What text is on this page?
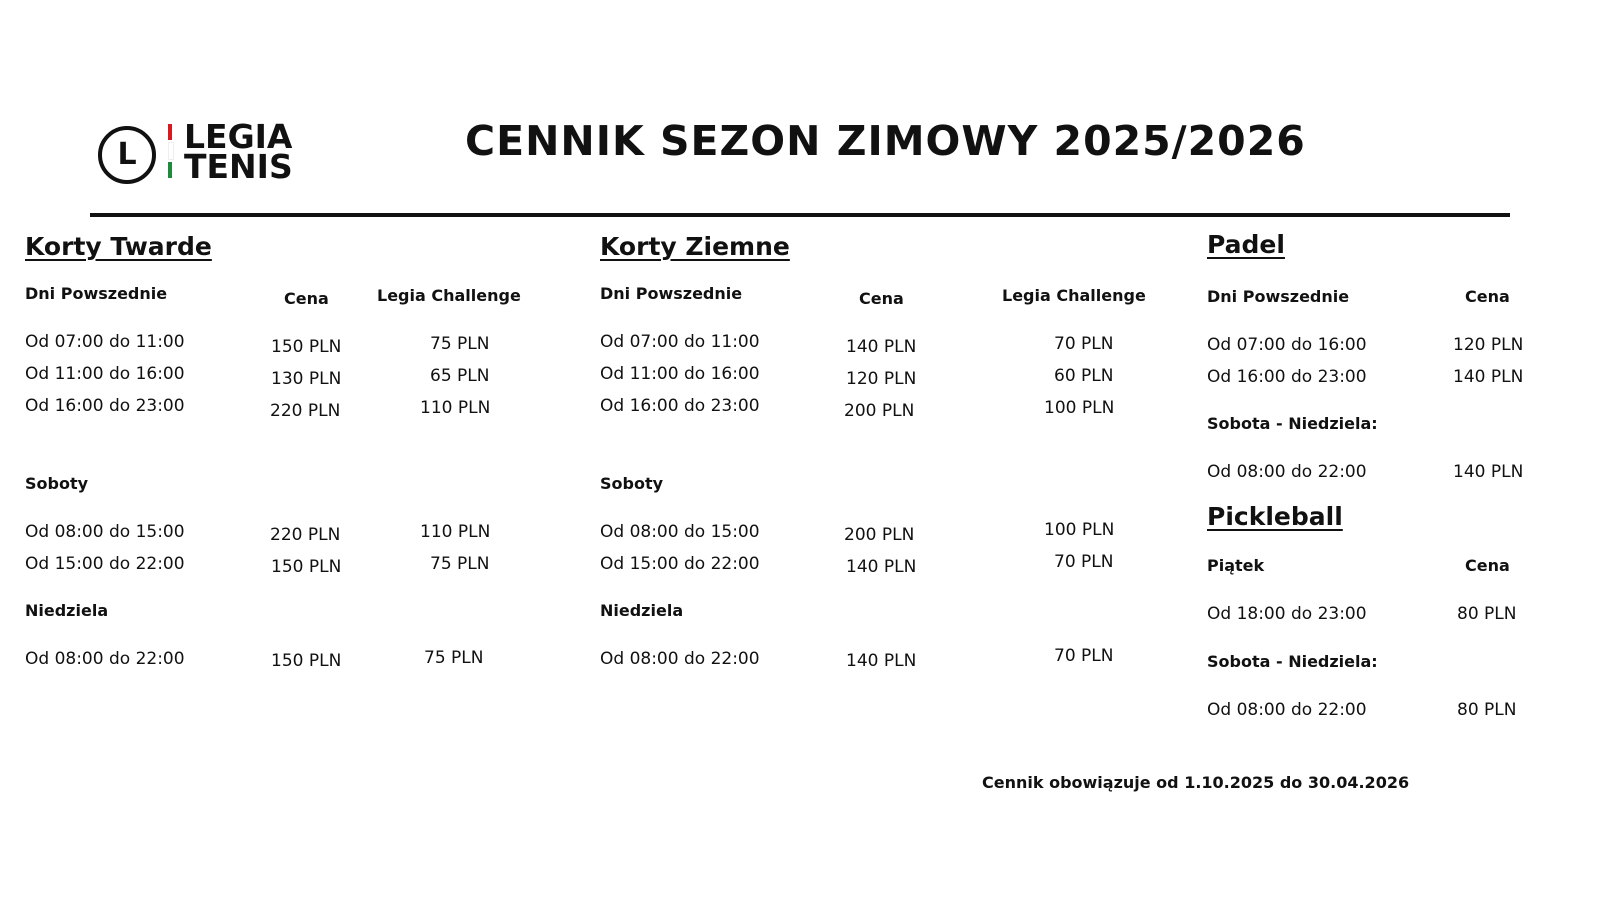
L	LEGIA
TENIS
CENNIK SEZON ZIMOWY 2025/2026
Korty Twarde
Dni Powszednie	Cena	Legia Challenge
Od 07:00 do 11:00	150 PLN	75 PLN
Od 11:00 do 16:00	130 PLN	65 PLN
Od 16:00 do 23:00	220 PLN	110 PLN
Soboty
Od 08:00 do 15:00	220 PLN	110 PLN
Od 15:00 do 22:00	150 PLN	75 PLN
Niedziela
Od 08:00 do 22:00	150 PLN	75 PLN
Korty Ziemne
Dni Powszednie	Cena	Legia Challenge
Od 07:00 do 11:00	140 PLN	70 PLN
Od 11:00 do 16:00	120 PLN	60 PLN
Od 16:00 do 23:00	200 PLN	100 PLN
Soboty
Od 08:00 do 15:00	200 PLN	100 PLN
Od 15:00 do 22:00	140 PLN	70 PLN
Niedziela
Od 08:00 do 22:00	140 PLN	70 PLN
Padel
Dni Powszednie	Cena
Od 07:00 do 16:00	120 PLN
Od 16:00 do 23:00	140 PLN
Sobota - Niedziela:
Od 08:00 do 22:00	140 PLN
Pickleball
Piątek	Cena
Od 18:00 do 23:00	80 PLN
Sobota - Niedziela:
Od 08:00 do 22:00	80 PLN
Cennik obowiązuje od 1.10.2025 do 30.04.2026
